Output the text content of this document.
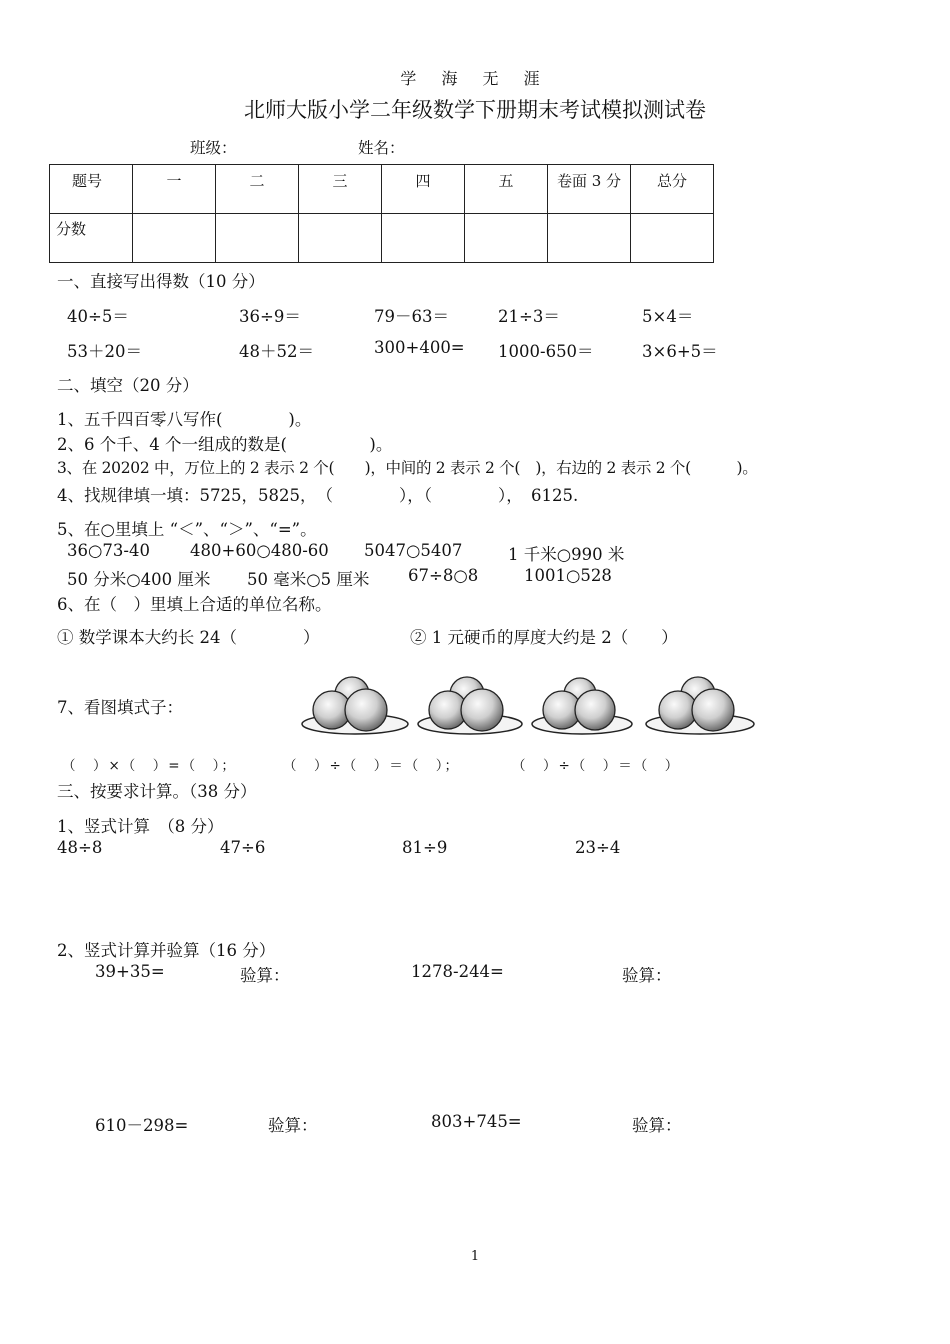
学 海 无 涯
北师大版小学二年级数学下册期末考试模拟测试卷
班级：	姓名：
题号	一	二	三	四	五	卷面 3 分	总分
分数							
一、直接写出得数（10 分）
40÷5＝	36÷9＝	79－63＝	21÷3＝	5×4＝
53＋20＝	48＋52＝	300+400= 1000-650＝	3×6+5＝
二、填空（20 分）
1、五千四百零八写作(　　　　)。
2、6 个千、4 个一组成的数是(　　　　　)。
3、在 20202 中，万位上的 2 表示 2 个(　　)，中间的 2 表示 2 个(　)，右边的 2 表示 2 个(　　　)。
4、找规律填一填：5725，5825，　（　　　　），（　　　　），　6125.
5、在○里填上 “＜”、“＞”、“=”。
36○73-40 480+60○480-60 5047○5407	1 千米○990 米
50 分米○400 厘米 50 毫米○5 厘米 67÷8○8	1001○528
6、在（　）里填上合适的单位名称。
① 数学课本大约长 24（　　　　）	② 1 元硬币的厚度大约是 2（　　）
7、看图填式子：
（　）×（　）=（　）；	（　）÷（　）＝（　）；	（　）÷（　）＝（　）
三、按要求计算。（38 分）
1、竖式计算　（8 分）
48÷8	47÷6	81÷9	23÷4
2、竖式计算并验算（16 分）
39+35=	验算：	1278-244=	验算：
610－298=	验算：	803+745=	验算：
1
